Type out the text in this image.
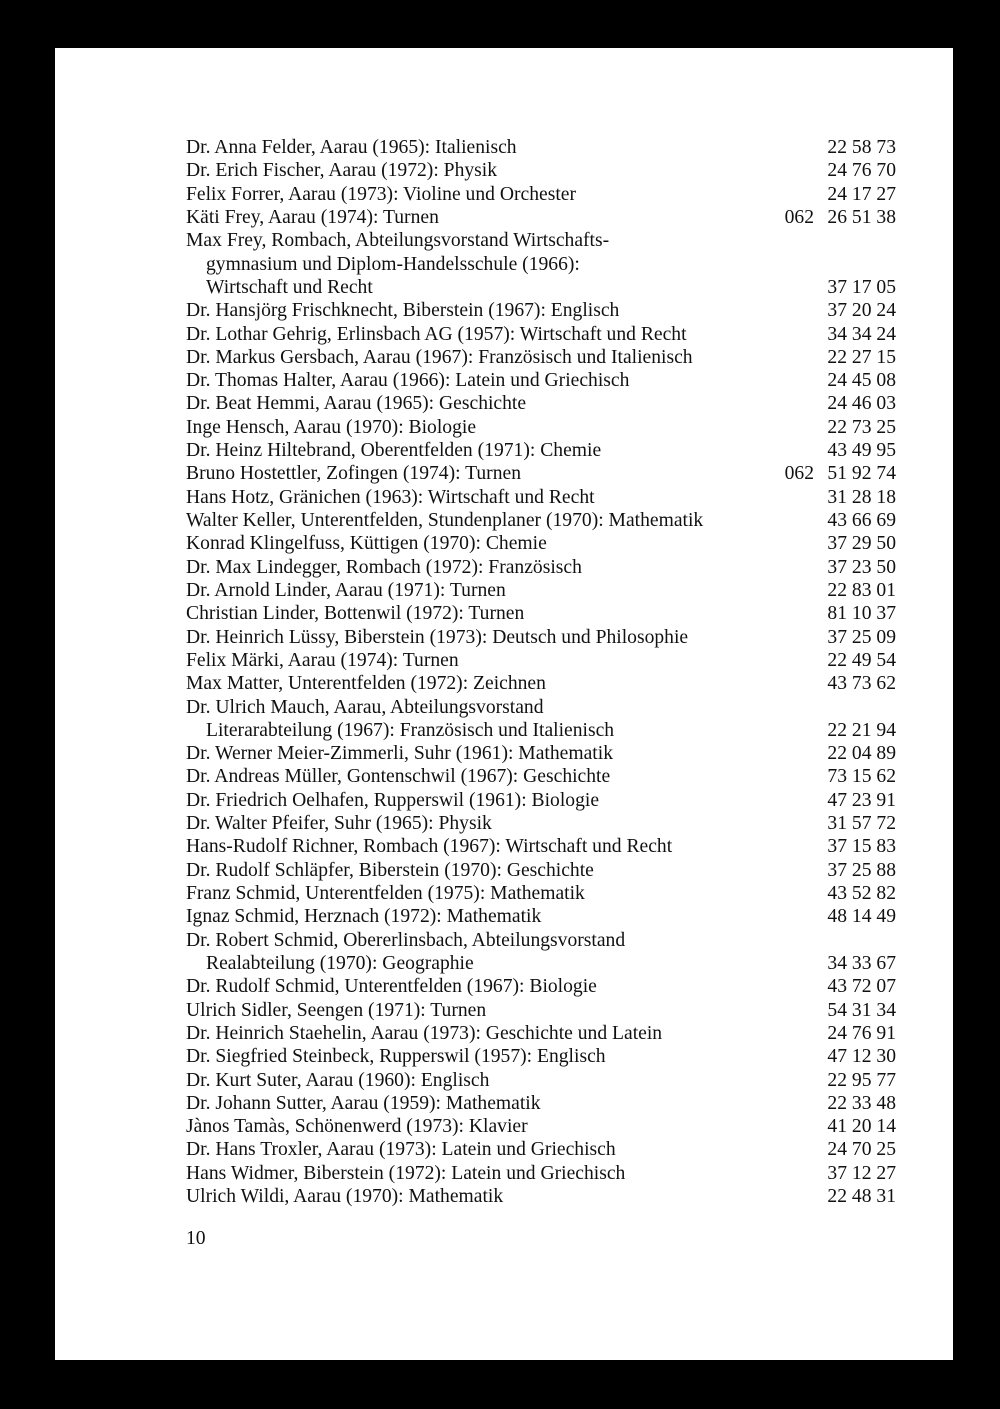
Dr. Anna Felder, Aarau (1965): Italienisch	22 58 73
Dr. Erich Fischer, Aarau (1972): Physik	24 76 70
Felix Forrer, Aarau (1973): Violine und Orchester	24 17 27
Käti Frey, Aarau (1974): Turnen	062 26 51 38
Max Frey, Rombach, Abteilungsvorstand Wirtschafts-
gymnasium und Diplom-Handelsschule (1966):
Wirtschaft und Recht	37 17 05
Dr. Hansjörg Frischknecht, Biberstein (1967): Englisch	37 20 24
Dr. Lothar Gehrig, Erlinsbach AG (1957): Wirtschaft und Recht	34 34 24
Dr. Markus Gersbach, Aarau (1967): Französisch und Italienisch	22 27 15
Dr. Thomas Halter, Aarau (1966): Latein und Griechisch	24 45 08
Dr. Beat Hemmi, Aarau (1965): Geschichte	24 46 03
Inge Hensch, Aarau (1970): Biologie	22 73 25
Dr. Heinz Hiltebrand, Oberentfelden (1971): Chemie	43 49 95
Bruno Hostettler, Zofingen (1974): Turnen	062 51 92 74
Hans Hotz, Gränichen (1963): Wirtschaft und Recht	31 28 18
Walter Keller, Unterentfelden, Stundenplaner (1970): Mathematik	43 66 69
Konrad Klingelfuss, Küttigen (1970): Chemie	37 29 50
Dr. Max Lindegger, Rombach (1972): Französisch	37 23 50
Dr. Arnold Linder, Aarau (1971): Turnen	22 83 01
Christian Linder, Bottenwil (1972): Turnen	81 10 37
Dr. Heinrich Lüssy, Biberstein (1973): Deutsch und Philosophie	37 25 09
Felix Märki, Aarau (1974): Turnen	22 49 54
Max Matter, Unterentfelden (1972): Zeichnen	43 73 62
Dr. Ulrich Mauch, Aarau, Abteilungsvorstand
Literarabteilung (1967): Französisch und Italienisch	22 21 94
Dr. Werner Meier-Zimmerli, Suhr (1961): Mathematik	22 04 89
Dr. Andreas Müller, Gontenschwil (1967): Geschichte	73 15 62
Dr. Friedrich Oelhafen, Rupperswil (1961): Biologie	47 23 91
Dr. Walter Pfeifer, Suhr (1965): Physik	31 57 72
Hans-Rudolf Richner, Rombach (1967): Wirtschaft und Recht	37 15 83
Dr. Rudolf Schläpfer, Biberstein (1970): Geschichte	37 25 88
Franz Schmid, Unterentfelden (1975): Mathematik	43 52 82
Ignaz Schmid, Herznach (1972): Mathematik	48 14 49
Dr. Robert Schmid, Obererlinsbach, Abteilungsvorstand
Realabteilung (1970): Geographie	34 33 67
Dr. Rudolf Schmid, Unterentfelden (1967): Biologie	43 72 07
Ulrich Sidler, Seengen (1971): Turnen	54 31 34
Dr. Heinrich Staehelin, Aarau (1973): Geschichte und Latein	24 76 91
Dr. Siegfried Steinbeck, Rupperswil (1957): Englisch	47 12 30
Dr. Kurt Suter, Aarau (1960): Englisch	22 95 77
Dr. Johann Sutter, Aarau (1959): Mathematik	22 33 48
Jànos Tamàs, Schönenwerd (1973): Klavier	41 20 14
Dr. Hans Troxler, Aarau (1973): Latein und Griechisch	24 70 25
Hans Widmer, Biberstein (1972): Latein und Griechisch	37 12 27
Ulrich Wildi, Aarau (1970): Mathematik	22 48 31
10
